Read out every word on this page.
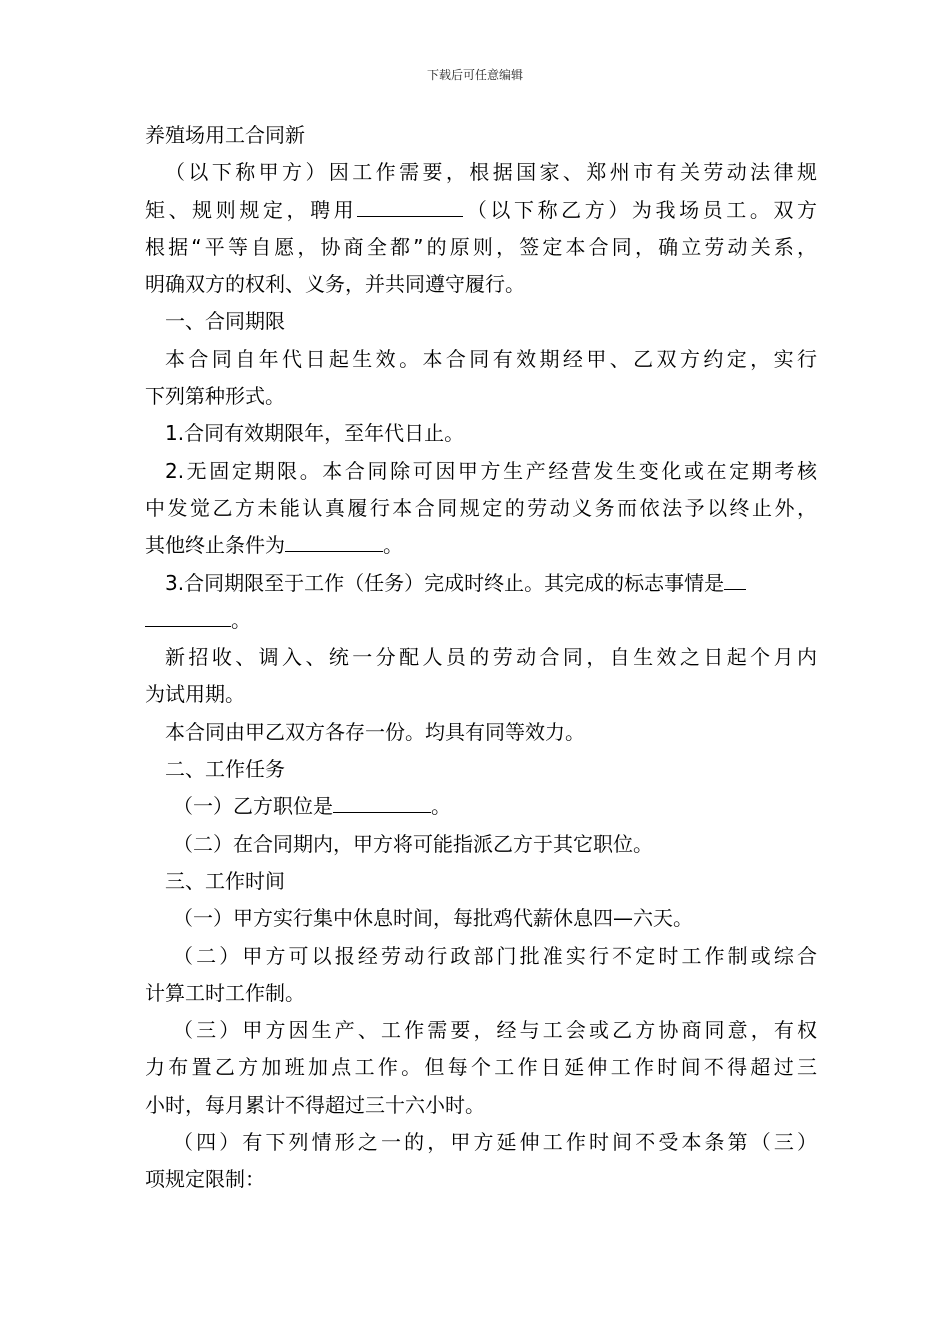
下载后可任意编辑
养殖场用工合同新
（以下称甲方）因工作需要，根据国家、郑州市有关劳动法律规
矩、规则规定，聘用	（以下称乙方）为我场员工。双方
根据“平等自愿，协商全都”的原则，签定本合同，确立劳动关系，
明确双方的权利、义务，并共同遵守履行。
一、合同期限
本合同自年代日起生效。本合同有效期经甲、乙双方约定，实行
下列第种形式。
1.合同有效期限年，至年代日止。
2.无固定期限。本合同除可因甲方生产经营发生变化或在定期考核
中发觉乙方未能认真履行本合同规定的劳动义务而依法予以终止外，
其他终止条件为	。
3.合同期限至于工作（任务）完成时终止。其完成的标志事情是
。
新招收、调入、统一分配人员的劳动合同，自生效之日起个月内
为试用期。
本合同由甲乙双方各存一份。均具有同等效力。
二、工作任务
（一）乙方职位是	。
（二）在合同期内，甲方将可能指派乙方于其它职位。
三、工作时间
（一）甲方实行集中休息时间，每批鸡代薪休息四—六天。
（二）甲方可以报经劳动行政部门批准实行不定时工作制或综合
计算工时工作制。
（三）甲方因生产、工作需要，经与工会或乙方协商同意，有权
力布置乙方加班加点工作。但每个工作日延伸工作时间不得超过三
小时，每月累计不得超过三十六小时。
（四）有下列情形之一的，甲方延伸工作时间不受本条第（三）
项规定限制：
